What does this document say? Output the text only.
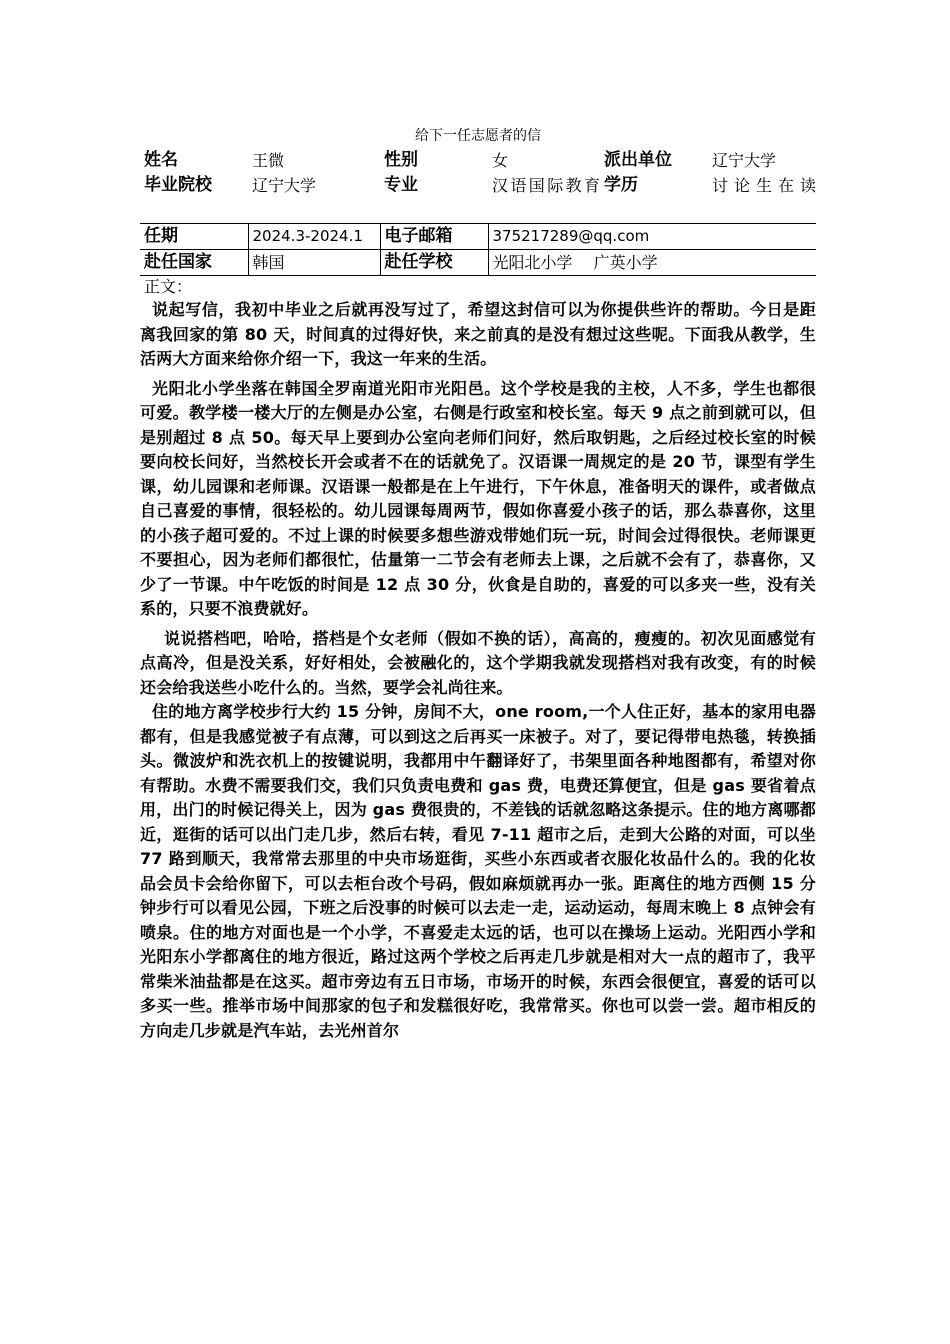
给下一任志愿者的信

姓名	王微	性别	女	派出单位	辽宁大学
毕业院校	辽宁大学	专业	汉语国际教育	学历	讨论生在读
任期	2024.3-2024.1	电子邮箱	375217289@qq.com		
赴任国家	韩国	赴任学校	光阳北小学　 广英小学		

正文：

说起写信，我初中毕业之后就再没写过了，希望这封信可以为你提供些许的帮助。今日是距离我回家的第 80 天，时间真的过得好快，来之前真的是没有想过这些呢。下面我从教学，生活两大方面来给你介绍一下，我这一年来的生活。

光阳北小学坐落在韩国全罗南道光阳市光阳邑。这个学校是我的主校，人不多，学生也都很可爱。教学楼一楼大厅的左侧是办公室，右侧是行政室和校长室。每天 9 点之前到就可以，但是别超过 8 点 50。每天早上要到办公室向老师们问好，然后取钥匙，之后经过校长室的时候要向校长问好，当然校长开会或者不在的话就免了。汉语课一周规定的是 20 节，课型有学生课，幼儿园课和老师课。汉语课一般都是在上午进行，下午休息，准备明天的课件，或者做点自己喜爱的事情，很轻松的。幼儿园课每周两节，假如你喜爱小孩子的话，那么恭喜你，这里的小孩子超可爱的。不过上课的时候要多想些游戏带她们玩一玩，时间会过得很快。老师课更不要担心，因为老师们都很忙，估量第一二节会有老师去上课，之后就不会有了，恭喜你，又少了一节课。中午吃饭的时间是 12 点 30 分，伙食是自助的，喜爱的可以多夹一些，没有关系的，只要不浪费就好。

说说搭档吧，哈哈，搭档是个女老师（假如不换的话），高高的，瘦瘦的。初次见面感觉有点高冷，但是没关系，好好相处，会被融化的，这个学期我就发现搭档对我有改变，有的时候还会给我送些小吃什么的。当然，要学会礼尚往来。

住的地方离学校步行大约 15 分钟，房间不大，one room,一个人住正好，基本的家用电器都有，但是我感觉被子有点薄，可以到这之后再买一床被子。对了，要记得带电热毯，转换插头。微波炉和洗衣机上的按键说明，我都用中午翻译好了，书架里面各种地图都有，希望对你有帮助。水费不需要我们交，我们只负责电费和 gas 费，电费还算便宜，但是 gas 要省着点用，出门的时候记得关上，因为 gas 费很贵的，不差钱的话就忽略这条提示。住的地方离哪都近，逛街的话可以出门走几步，然后右转，看见 7-11 超市之后，走到大公路的对面，可以坐 77 路到顺天，我常常去那里的中央市场逛街，买些小东西或者衣服化妆品什么的。我的化妆品会员卡会给你留下，可以去柜台改个号码，假如麻烦就再办一张。距离住的地方西侧 15 分钟步行可以看见公园，下班之后没事的时候可以去走一走，运动运动，每周末晚上 8 点钟会有喷泉。住的地方对面也是一个小学，不喜爱走太远的话，也可以在操场上运动。光阳西小学和光阳东小学都离住的地方很近，路过这两个学校之后再走几步就是相对大一点的超市了，我平常柴米油盐都是在这买。超市旁边有五日市场，市场开的时候，东西会很便宜，喜爱的话可以多买一些。推举市场中间那家的包子和发糕很好吃，我常常买。你也可以尝一尝。超市相反的方向走几步就是汽车站，去光州首尔
